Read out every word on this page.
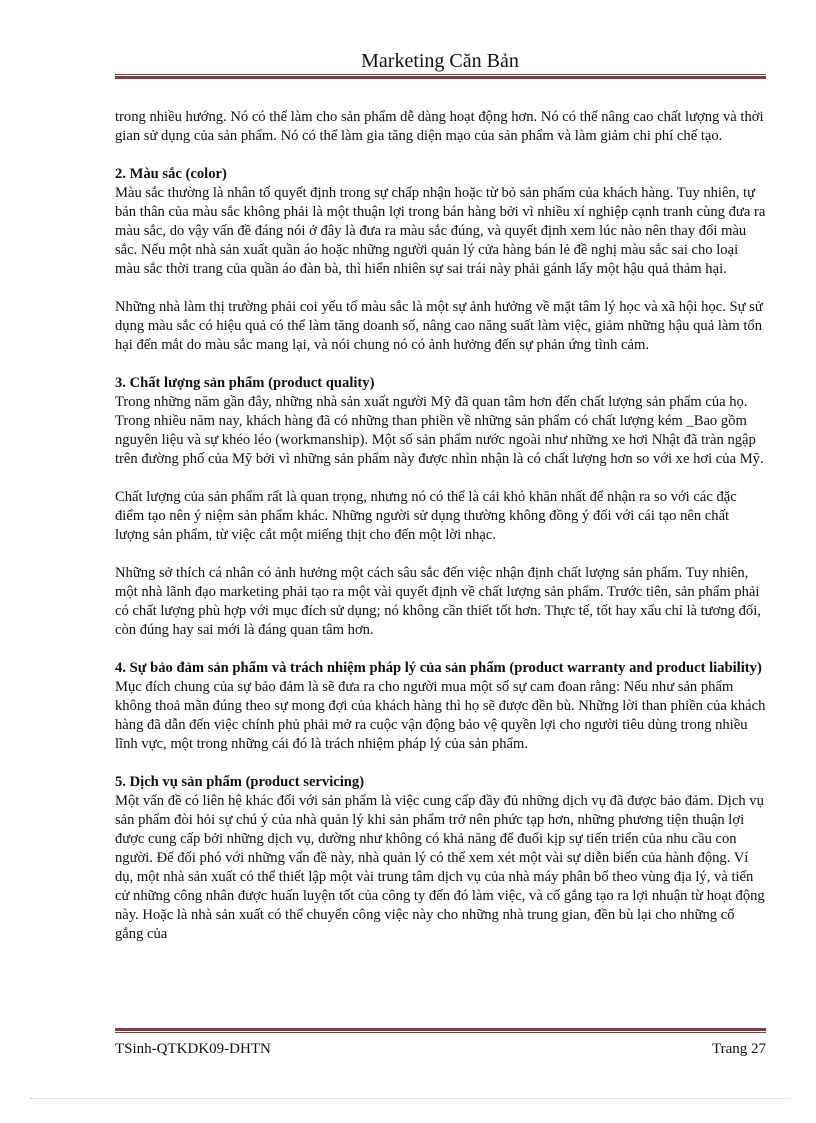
Marketing Căn Bản

trong nhiều hướng. Nó có thể làm cho sản phẩm dễ dàng hoạt động hơn. Nó có thể nâng cao chất lượng và thời gian sử dụng của sản phẩm. Nó có thể làm gia tăng diện mạo của sản phẩm và làm giảm chi phí chế tạo.

2. Màu sắc (color)

Màu sắc thường là nhân tố quyết định trong sự chấp nhận hoặc từ bỏ sản phẩm của khách hàng. Tuy nhiên, tự bản thân của màu sắc không phải là một thuận lợi trong bán hàng bởi vì nhiều xí nghiệp cạnh tranh cùng đưa ra màu sắc, do vậy vấn đề đáng nói ở đây là đưa ra màu sắc đúng, và quyết định xem lúc nào nên thay đổi màu sắc. Nếu một nhà sản xuất quần áo hoặc những người quản lý cửa hàng bán lẻ đề nghị màu sắc sai cho loại màu sắc thời trang của quần áo đàn bà, thì hiển nhiên sự sai trái này phải gánh lấy một hậu quả thảm hại.

Những nhà làm thị trường phải coi yếu tố màu sắc là một sự ảnh hưởng về mặt tâm lý học và xã hội học. Sự sử dụng màu sắc có hiệu quả có thể làm tăng doanh số, nâng cao năng suất làm việc, giảm những hậu quả làm tổn hại đến mắt do màu sắc mang lại, và nói chung nó có ảnh hưởng đến sự phản ứng tình cảm.

3. Chất lượng sản phẩm (product quality)

Trong những năm gần đây, những nhà sản xuất người Mỹ đã quan tâm hơn đến chất lượng sản phẩm của họ. Trong nhiều năm nay, khách hàng đã có những than phiền về những sản phẩm có chất lượng kém _Bao gồm nguyên liệu và sự khéo léo (workmanship). Một số sản phẩm nước ngoài như những xe hơi Nhật đã tràn ngập trên đường phố của Mỹ bởi vì những sản phẩm này được nhìn nhận là có chất lượng hơn so với xe hơi của Mỹ.

Chất lượng của sản phẩm rất là quan trọng, nhưng nó có thể là cái khó khăn nhất để nhận ra so với các đặc điểm tạo nên ý niệm sản phẩm khác. Những người sử dụng thường không đồng ý đối với cái tạo nên chất lượng sản phẩm, từ việc cắt một miếng thịt cho đến một lời nhạc.

Những sở thích cá nhân có ảnh hưởng một cách sâu sắc đến việc nhận định chất lượng sản phẩm. Tuy nhiên, một nhà lãnh đạo marketing phải tạo ra một vài quyết định về chất lượng sản phẩm. Trước tiên, sản phẩm phải có chất lượng phù hợp với mục đích sử dụng; nó không cần thiết tốt hơn. Thực tế, tốt hay xấu chỉ là tương đối, còn đúng hay sai mới là đáng quan tâm hơn.

4. Sự bảo đảm sản phẩm và trách nhiệm pháp lý của sản phẩm (product warranty and product liability)

Mục đích chung của sự bảo đảm là sẽ đưa ra cho người mua một số sự cam đoan rằng: Nếu như sản phẩm không thoả mãn đúng theo sự mong đợi của khách hàng thì họ sẽ được đền bù. Những lời than phiền của khách hàng đã dẫn đến việc chính phủ phải mở ra cuộc vận động bảo vệ quyền lợi cho người tiêu dùng trong nhiều lĩnh vực, một trong những cái đó là trách nhiệm pháp lý của sản phẩm.

5. Dịch vụ sản phẩm (product servicing)

Một vấn đề có liên hệ khác đối với sản phẩm là việc cung cấp đầy đủ những dịch vụ đã được bảo đảm. Dịch vụ sản phẩm đòi hỏi sự chú ý của nhà quản lý khi sản phẩm trở nên phức tạp hơn, những phương tiện thuận lợi được cung cấp bởi những dịch vụ, dường như không có khả năng để đuổi kịp sự tiến triển của nhu cầu con người. Để đối phó với những vấn đề này, nhà quản lý có thể xem xét một vài sự diễn biến của hành động. Ví dụ, một nhà sản xuất có thể thiết lập một vài trung tâm dịch vụ của nhà máy phân bố theo vùng địa lý, và tiến cử những công nhân được huấn luyện tốt của công ty đến đó làm việc, và cố gắng tạo ra lợi nhuận từ hoạt động này. Hoặc là nhà sản xuất có thể chuyển công việc này cho những nhà trung gian, đền bù lại cho những cố gắng của

TSinh-QTKDK09-DHTN	Trang 27
